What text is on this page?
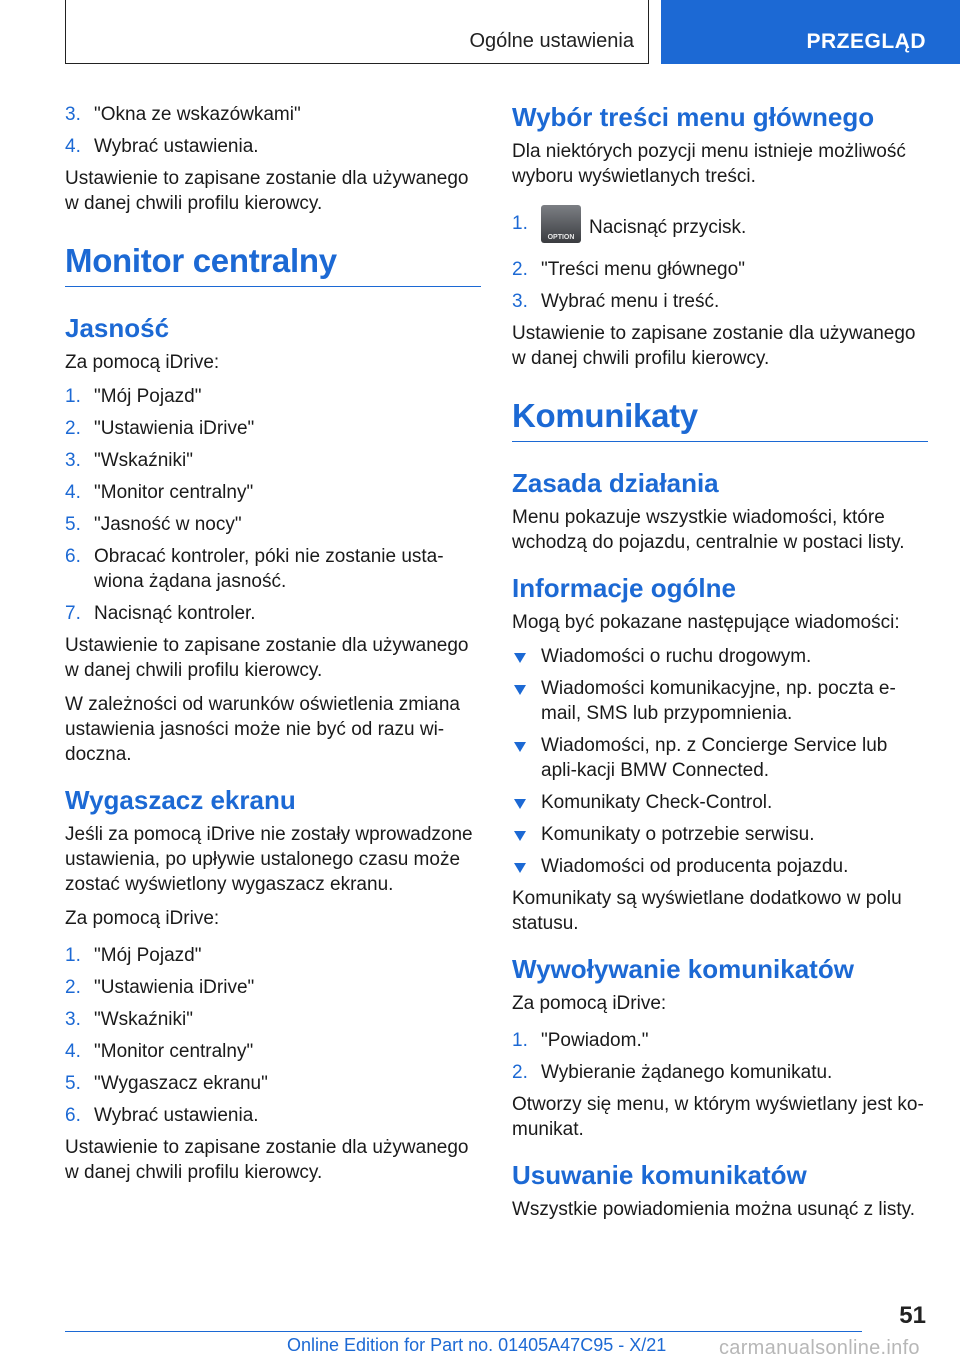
Ogólne ustawienia	PRZEGLĄD
3. "Okna ze wskazówkami"
4. Wybrać ustawienia.

Ustawienie to zapisane zostanie dla używanego w danej chwili profilu kierowcy.

Monitor centralny
Jasność

Za pomocą iDrive:

1. "Mój Pojazd"
2. "Ustawienia iDrive"
3. "Wskaźniki"
4. "Monitor centralny"
5. "Jasność w nocy"
6. Obracać kontroler, póki nie zostanie usta-wiona żądana jasność.
7. Nacisnąć kontroler.

Ustawienie to zapisane zostanie dla używanego w danej chwili profilu kierowcy.

W zależności od warunków oświetlenia zmiana ustawienia jasności może nie być od razu wi-doczna.

Wygaszacz ekranu

Jeśli za pomocą iDrive nie zostały wprowadzone ustawienia, po upływie ustalonego czasu może zostać wyświetlony wygaszacz ekranu.

Za pomocą iDrive:

1. "Mój Pojazd"
2. "Ustawienia iDrive"
3. "Wskaźniki"
4. "Monitor centralny"
5. "Wygaszacz ekranu"
6. Wybrać ustawienia.

Ustawienie to zapisane zostanie dla używanego w danej chwili profilu kierowcy.

Wybór treści menu głównego

Dla niektórych pozycji menu istnieje możliwość wyboru wyświetlanych treści.

1.
OPTION Nacisnąć przycisk.
2. "Treści menu głównego"
3. Wybrać menu i treść.

Ustawienie to zapisane zostanie dla używanego w danej chwili profilu kierowcy.

Komunikaty
Zasada działania

Menu pokazuje wszystkie wiadomości, które wchodzą do pojazdu, centralnie w postaci listy.

Informacje ogólne

Mogą być pokazane następujące wiadomości:

Wiadomości o ruchu drogowym.
Wiadomości komunikacyjne, np. poczta e-mail, SMS lub przypomnienia.
Wiadomości, np. z Concierge Service lub apli-kacji BMW Connected.
Komunikaty Check-Control.
Komunikaty o potrzebie serwisu.
Wiadomości od producenta pojazdu.

Komunikaty są wyświetlane dodatkowo w polu statusu.

Wywoływanie komunikatów

Za pomocą iDrive:

1. "Powiadom."
2. Wybieranie żądanego komunikatu.

Otworzy się menu, w którym wyświetlany jest ko-munikat.

Usuwanie komunikatów

Wszystkie powiadomienia można usunąć z listy.

51
Online Edition for Part no. 01405A47C95 - X/21	carmanualsonline.info
